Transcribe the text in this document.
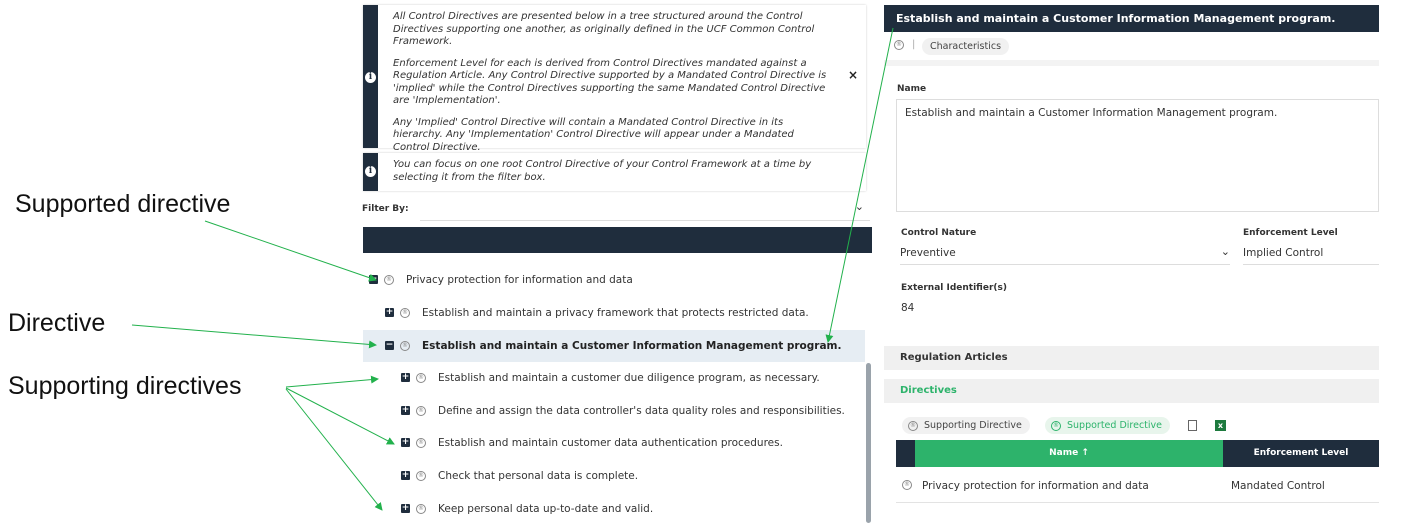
Supported directive
Directive
Supporting directives
i

All Control Directives are presented below in a tree structured around the Control Directives supporting one another, as originally defined in the UCF Common Control Framework.

Enforcement Level for each is derived from Control Directives mandated against a Regulation Article. Any Control Directive supported by a Mandated Control Directive is 'implied' while the Control Directives supporting the same Mandated Control Directive are 'Implementation'.

Any 'Implied' Control Directive will contain a Mandated Control Directive in its hierarchy. Any 'Implementation' Control Directive will appear under a Mandated Control Directive.

×
i

You can focus on one root Control Directive of your Control Framework at a time by selecting it from the filter box.

Filter By:	⌄
−	® Privacy protection for information and data
+	® Establish and maintain a privacy framework that protects restricted data.
−	® Establish and maintain a Customer Information Management program.
+	® Establish and maintain a customer due diligence program, as necessary.
+	® Define and assign the data controller's data quality roles and responsibilities.
+	® Establish and maintain customer data authentication procedures.
+	® Check that personal data is complete.
+	® Keep personal data up-to-date and valid.
Establish and maintain a Customer Information Management program.
® |	Characteristics
Name
Establish and maintain a Customer Information Management program.
Control Nature
Preventive	⌄
Enforcement Level
Implied Control
External Identifier(s)
84
Regulation Articles
Directives
® Supporting Directive	® Supported Directive	x
Name ↑	Enforcement Level
® Privacy protection for information and data	Mandated Control
